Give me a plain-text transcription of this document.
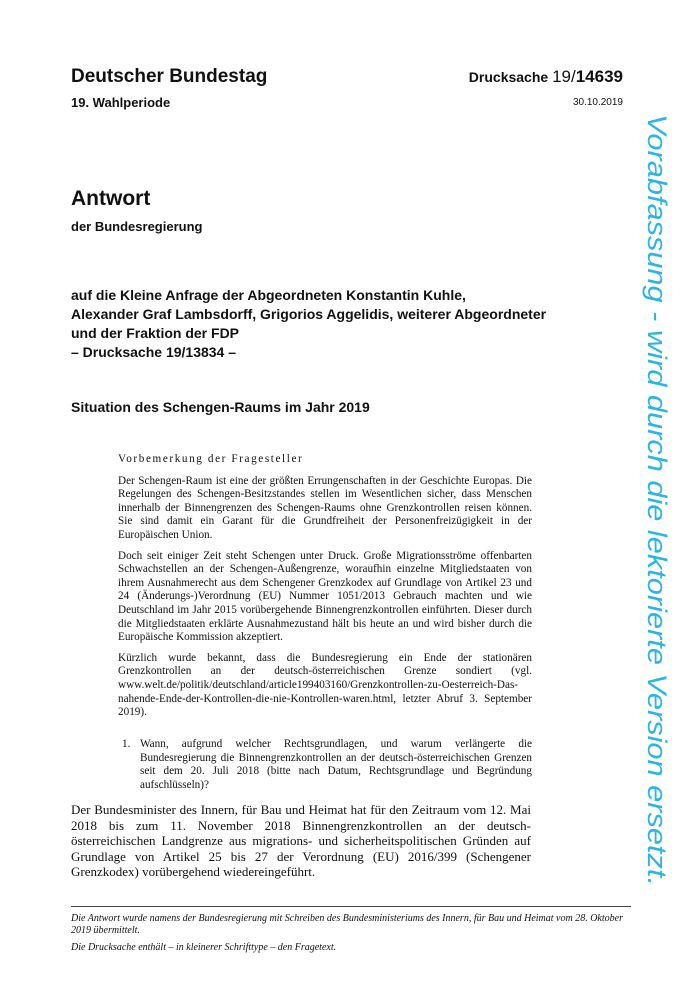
Deutscher Bundestag
19. Wahlperiode
Drucksache 19/14639
30.10.2019
Antwort
der Bundesregierung
auf die Kleine Anfrage der Abgeordneten Konstantin Kuhle,
Alexander Graf Lambsdorff, Grigorios Aggelidis, weiterer Abgeordneter
und der Fraktion der FDP
– Drucksache 19/13834 –
Situation des Schengen-Raums im Jahr 2019
Vorbemerkung der Fragesteller

Der Schengen-Raum ist eine der größten Errungenschaften in der Geschichte Europas. Die Regelungen des Schengen-Besitzstandes stellen im Wesentlichen sicher, dass Menschen innerhalb der Binnengrenzen des Schengen-Raums ohne Grenzkontrollen reisen können. Sie sind damit ein Garant für die Grundfreiheit der Personenfreizügigkeit in der Europäischen Union.

Doch seit einiger Zeit steht Schengen unter Druck. Große Migrationsströme offenbarten Schwachstellen an der Schengen-Außengrenze, woraufhin einzelne Mitgliedstaaten von ihrem Ausnahmerecht aus dem Schengener Grenzkodex auf Grundlage von Artikel 23 und 24 (Änderungs-)Verordnung (EU) Nummer 1051/2013 Gebrauch machten und wie Deutschland im Jahr 2015 vorübergehende Binnengrenzkontrollen einführten. Dieser durch die Mitgliedstaaten erklärte Ausnahmezustand hält bis heute an und wird bisher durch die Europäische Kommission akzeptiert.

Kürzlich wurde bekannt, dass die Bundesregierung ein Ende der stationären Grenzkontrollen an der deutsch-österreichischen Grenze sondiert (vgl. www.welt.de/politik/deutschland/article199403160/Grenzkontrollen-zu-Oesterreich-Das-nahende-Ende-der-Kontrollen-die-nie-Kontrollen-waren.html, letzter Abruf 3. September 2019).

1. Wann, aufgrund welcher Rechtsgrundlagen, und warum verlängerte die Bundesregierung die Binnengrenzkontrollen an der deutsch-österreichischen Grenzen seit dem 20. Juli 2018 (bitte nach Datum, Rechtsgrundlage und Begründung aufschlüsseln)?
Der Bundesminister des Innern, für Bau und Heimat hat für den Zeitraum vom 12. Mai 2018 bis zum 11. November 2018 Binnengrenzkontrollen an der deutsch-österreichischen Landgrenze aus migrations- und sicherheitspolitischen Gründen auf Grundlage von Artikel 25 bis 27 der Verordnung (EU) 2016/399 (Schengener Grenzkodex) vorübergehend wiedereingeführt.

Die Antwort wurde namens der Bundesregierung mit Schreiben des Bundesministeriums des Innern, für Bau und Heimat vom 28. Oktober 2019 übermittelt.

Die Drucksache enthält – in kleinerer Schrifttype – den Fragetext.

Vorabfassung - wird durch die lektorierte Version ersetzt.
